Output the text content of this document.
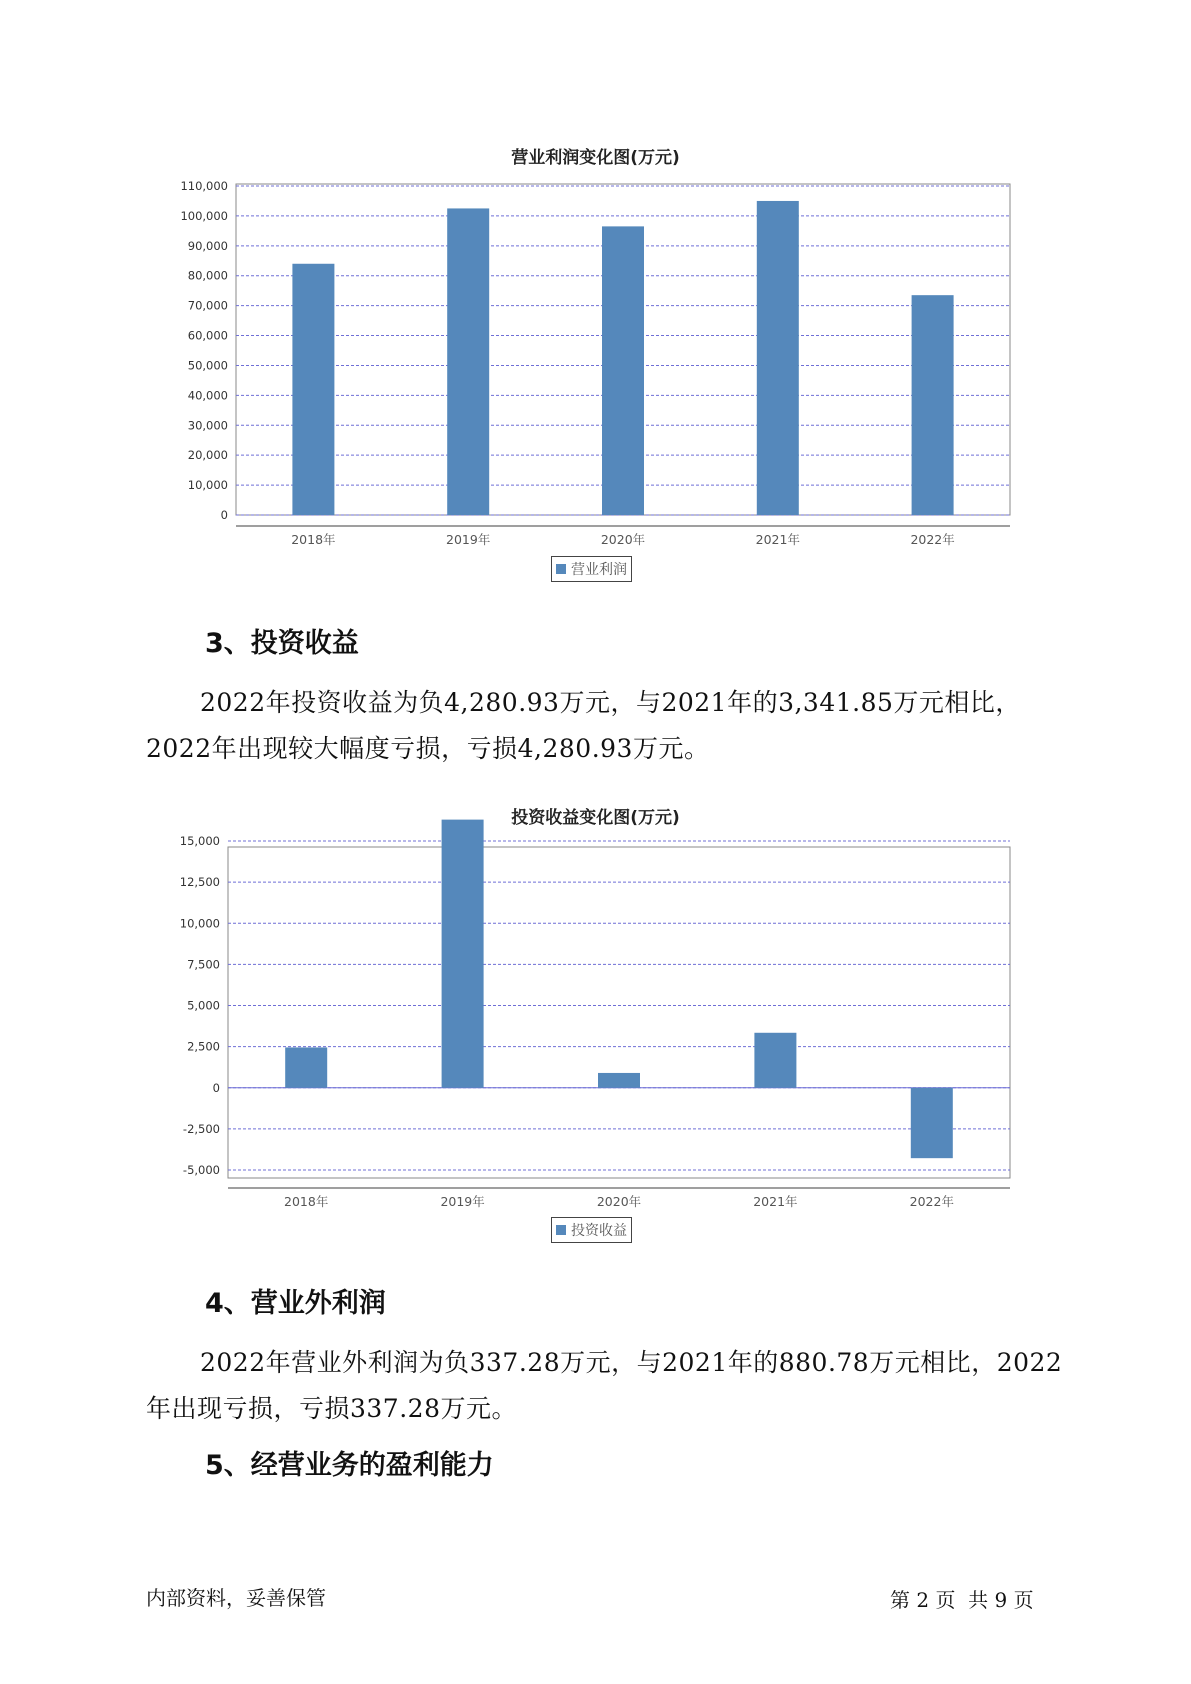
营业利润变化图(万元)
0
10,000
20,000
30,000
40,000
50,000
60,000
70,000
80,000
90,000
100,000
110,000
2018年	2019年	2020年	2021年	2022年
营业利润
3、投资收益
2022年投资收益为负4,280.93万元，与2021年的3,341.85万元相比，2022年出现较大幅度亏损，亏损4,280.93万元。
投资收益变化图(万元)
-5,000
-2,500
0
2,500
5,000
7,500
10,000
12,500
15,000
2018年	2019年	2020年	2021年	2022年
投资收益
4、营业外利润
2022年营业外利润为负337.28万元，与2021年的880.78万元相比，2022年出现亏损，亏损337.28万元。
5、经营业务的盈利能力
内部资料，妥善保管	第 2 页  共 9 页
